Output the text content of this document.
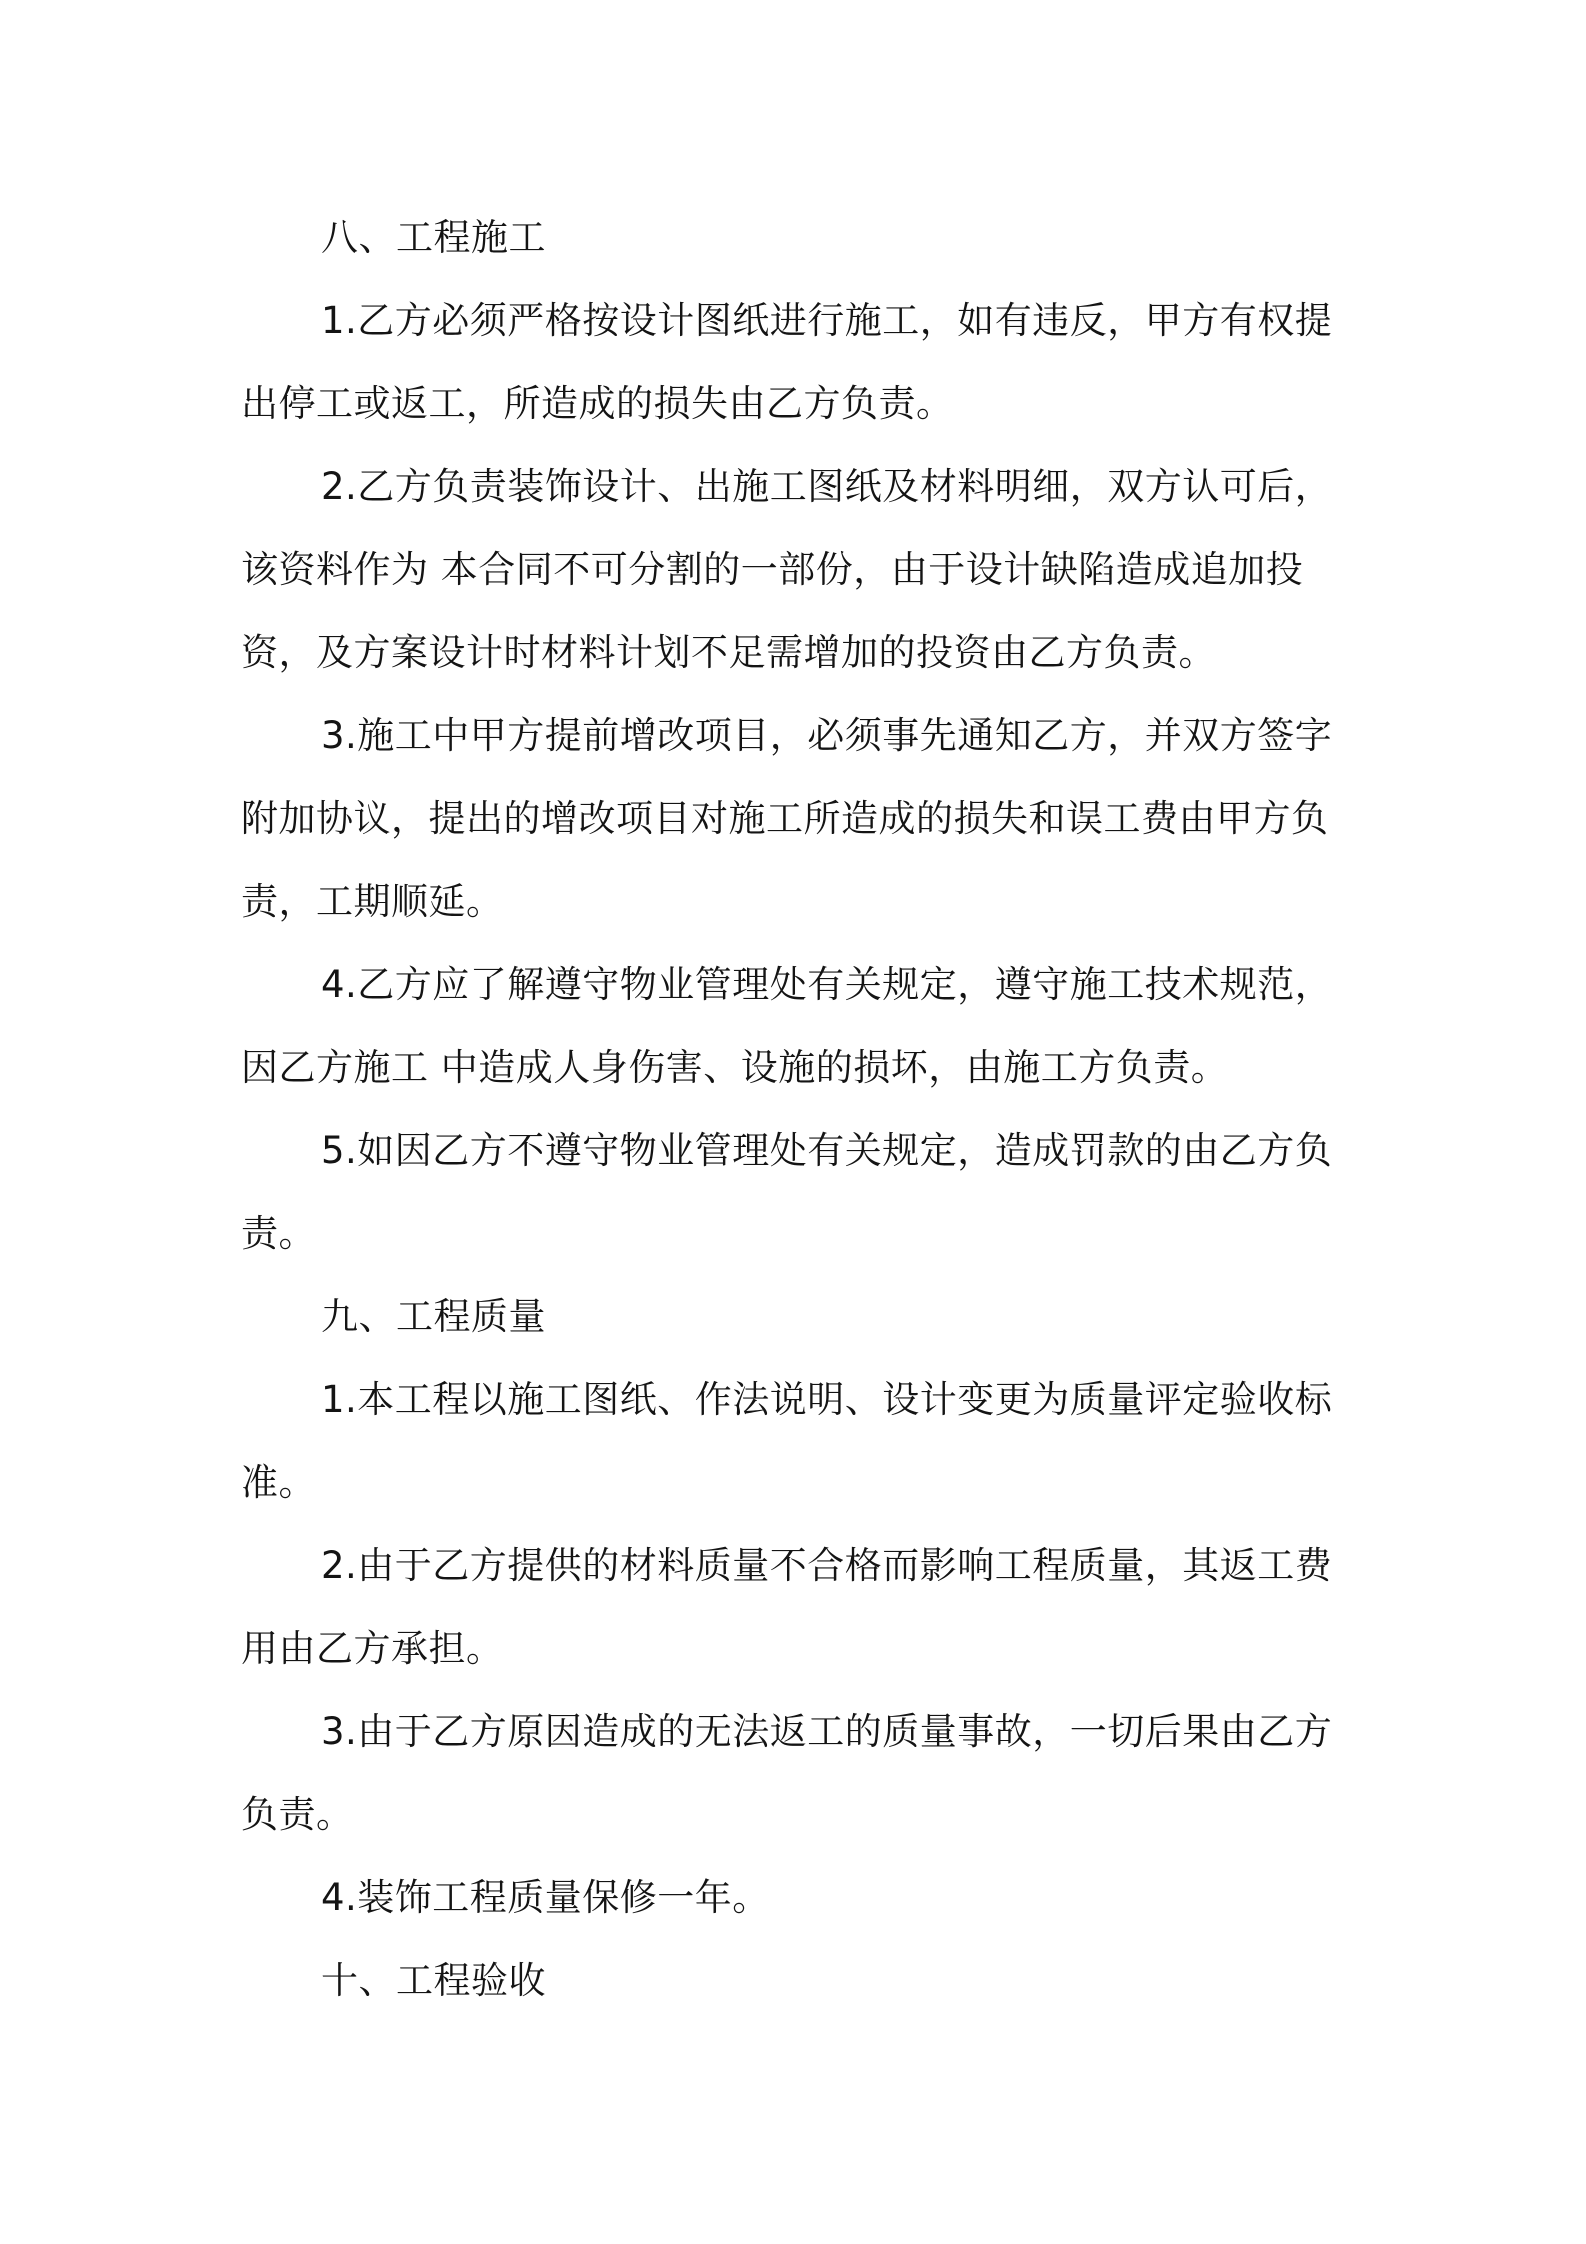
八、工程施工

1.乙方必须严格按设计图纸进行施工，如有违反，甲方有权提出停工或返工，所造成的损失由乙方负责。

2.乙方负责装饰设计、出施工图纸及材料明细，双方认可后，该资料作为 本合同不可分割的一部份，由于设计缺陷造成追加投资，及方案设计时材料计划不足需增加的投资由乙方负责。

3.施工中甲方提前增改项目，必须事先通知乙方，并双方签字附加协议，提出的增改项目对施工所造成的损失和误工费由甲方负责，工期顺延。

4.乙方应了解遵守物业管理处有关规定，遵守施工技术规范，因乙方施工 中造成人身伤害、设施的损坏，由施工方负责。

5.如因乙方不遵守物业管理处有关规定，造成罚款的由乙方负责。

九、工程质量

1.本工程以施工图纸、作法说明、设计变更为质量评定验收标准。

2.由于乙方提供的材料质量不合格而影响工程质量，其返工费用由乙方承担。

3.由于乙方原因造成的无法返工的质量事故，一切后果由乙方负责。

4.装饰工程质量保修一年。

十、工程验收
